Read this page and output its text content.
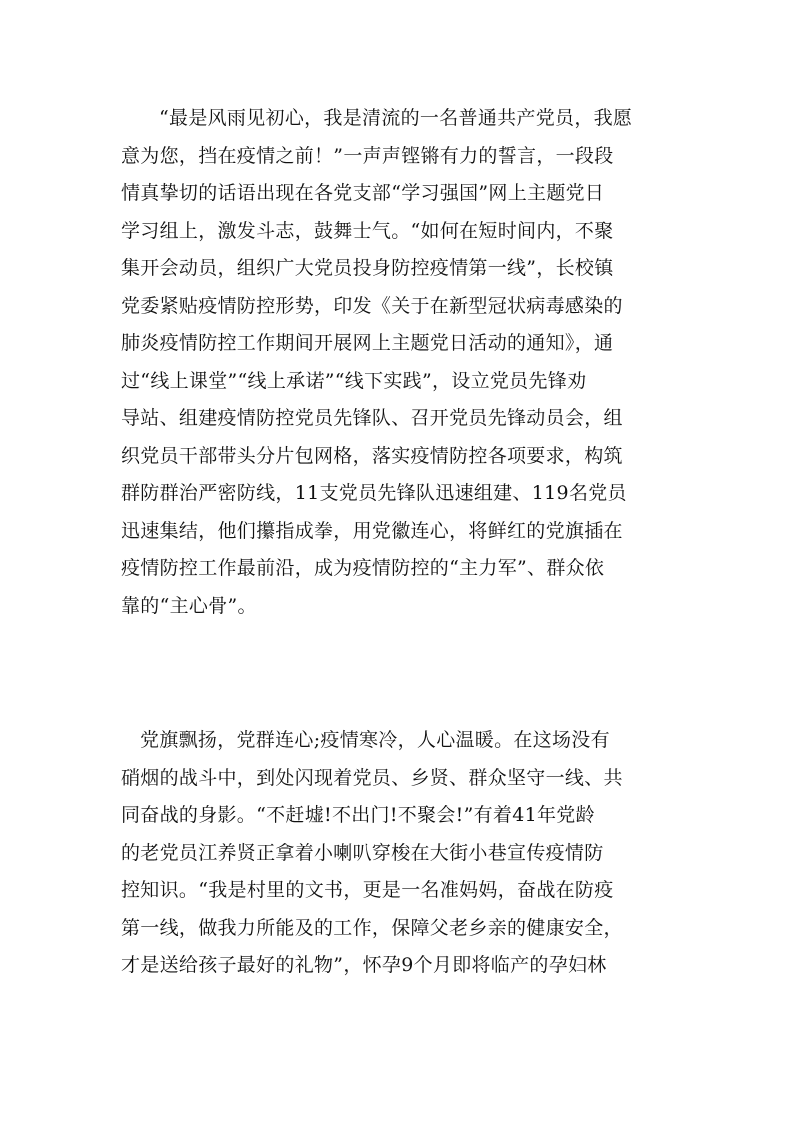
“最是风雨见初心，我是清流的一名普通共产党员，我愿
意为您，挡在疫情之前！”一声声铿锵有力的誓言，一段段
情真挚切的话语出现在各党支部“学习强国”网上主题党日
学习组上，激发斗志，鼓舞士气。“如何在短时间内，不聚
集开会动员，组织广大党员投身防控疫情第一线”，长校镇
党委紧贴疫情防控形势，印发《关于在新型冠状病毒感染的
肺炎疫情防控工作期间开展网上主题党日活动的通知》，通
过“线上课堂”“线上承诺”“线下实践”，设立党员先锋劝
导站、组建疫情防控党员先锋队、召开党员先锋动员会，组
织党员干部带头分片包网格，落实疫情防控各项要求，构筑
群防群治严密防线，11支党员先锋队迅速组建、119名党员
迅速集结，他们攥指成拳，用党徽连心，将鲜红的党旗插在
疫情防控工作最前沿，成为疫情防控的“主力军”、群众依
靠的“主心骨”。
党旗飘扬，党群连心;疫情寒冷，人心温暖。在这场没有
硝烟的战斗中，到处闪现着党员、乡贤、群众坚守一线、共
同奋战的身影。“不赶墟!不出门!不聚会!”有着41年党龄
的老党员江养贤正拿着小喇叭穿梭在大街小巷宣传疫情防
控知识。“我是村里的文书，更是一名准妈妈，奋战在防疫
第一线，做我力所能及的工作，保障父老乡亲的健康安全，
才是送给孩子最好的礼物”，怀孕9个月即将临产的孕妇林
